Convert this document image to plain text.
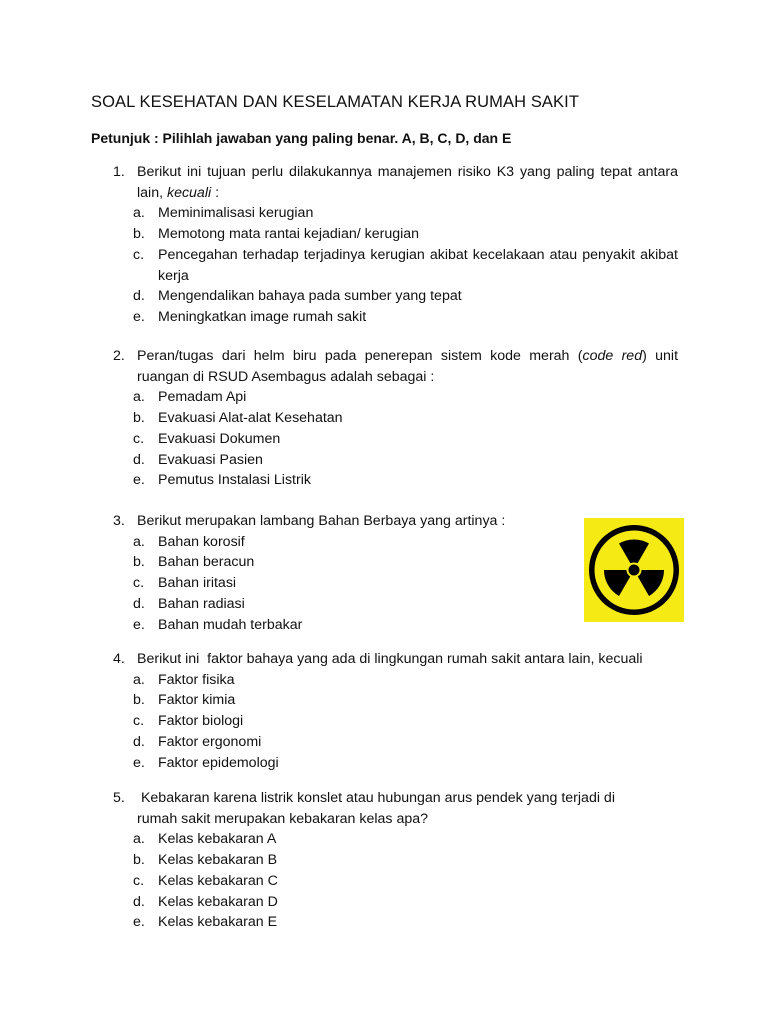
SOAL KESEHATAN DAN KESELAMATAN KERJA RUMAH SAKIT
Petunjuk : Pilihlah jawaban yang paling benar. A, B, C, D, dan E
1. Berikut ini tujuan perlu dilakukannya manajemen risiko K3 yang paling tepat antara lain, kecuali :
a. Meminimalisasi kerugian
b. Memotong mata rantai kejadian/ kerugian
c. Pencegahan terhadap terjadinya kerugian akibat kecelakaan atau penyakit akibat kerja
d. Mengendalikan bahaya pada sumber yang tepat
e. Meningkatkan image rumah sakit
2. Peran/tugas dari helm biru pada penerepan sistem kode merah (code red) unit ruangan di RSUD Asembagus adalah sebagai :
a. Pemadam Api
b. Evakuasi Alat-alat Kesehatan
c. Evakuasi Dokumen
d. Evakuasi Pasien
e. Pemutus Instalasi Listrik
3. Berikut merupakan lambang Bahan Berbaya yang artinya :
a. Bahan korosif
b. Bahan beracun
c. Bahan iritasi
d. Bahan radiasi
e. Bahan mudah terbakar
4. Berikut ini  faktor bahaya yang ada di lingkungan rumah sakit antara lain, kecuali
a. Faktor fisika
b. Faktor kimia
c. Faktor biologi
d. Faktor ergonomi
e. Faktor epidemologi
5. Kebakaran karena listrik konslet atau hubungan arus pendek yang terjadi di rumah sakit merupakan kebakaran kelas apa?
a. Kelas kebakaran A
b. Kelas kebakaran B
c. Kelas kebakaran C
d. Kelas kebakaran D
e. Kelas kebakaran E
